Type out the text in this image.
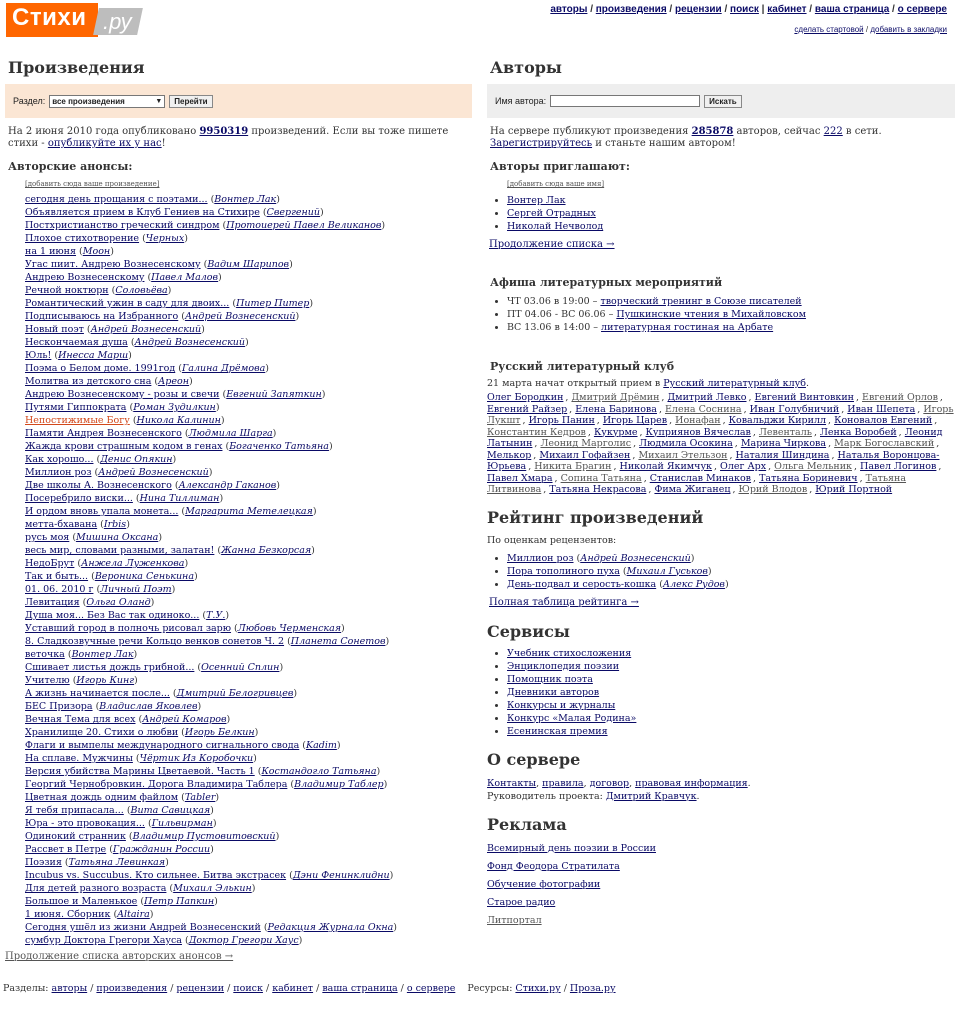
Стихи .ру	авторы / произведения / рецензии / поиск | кабинет / ваша страница / о сервере
сделать стартовой / добавить в закладки
Произведения
Раздел: все произведения	▼	Перейти

На 2 июня 2010 года опубликовано 9950319 произведений. Если вы тоже пишете стихи - опубликуйте их у нас!

Авторские анонсы:
[добавить сюда ваше произведение]
• сегодня день прощания с поэтами... (Вонтер Лак)
• Объявляется прием в Клуб Гениев на Стихире (Свергений)
• Постхристианство греческий синдром (Протоиерей Павел Великанов)
• Плохое стихотворение (Черных)
• на 1 июня (Моон)
• Угас пиит. Андрею Вознесенскому (Вадим Шарипов)
• Андрею Вознесенскому (Павел Малов)
• Речной ноктюрн (Соловьёва)
• Романтический ужин в саду для двоих... (Питер Питер)
• Подписываюсь на Избранного (Андрей Вознесенский)
• Новый поэт (Андрей Вознесенский)
• Нескончаемая душа (Андрей Вознесенский)
• Юль! (Инесса Марш)
• Поэма о Белом доме. 1991год (Галина Дрёмова)
• Молитва из детского сна (Ареон)
• Андрею Вознесенскому - розы и свечи (Евгений Запяткин)
• Путями Гиппократа (Роман Зудилкин)
• Непостижимые Богу (Никола Калинин)
• Памяти Андрея Вознесенского (Людмила Шарга)
• Жажда крови страшным кодом в генах (Богаченко Татьяна)
• Как хорошо... (Денис Опякин)
• Миллион роз (Андрей Вознесенский)
• Две школы А. Вознесенского (Александр Гаканов)
• Посеребрило виски... (Нина Тиллиман)
• И ордом вновь упала монета... (Маргарита Метелецкая)
• метта-бхавана (Irbis)
• русь моя (Мишина Оксана)
• весь мир, словами разными, залатан! (Жанна Безкорсая)
• НедоБрут (Анжела Луженкова)
• Так и быть... (Вероника Сенькина)
• 01. 06. 2010 г (Личный Поэт)
• Левитация (Ольга Оланд)
• Душа моя... Без Вас так одиноко... (Т.У.)
• Уставший город в полночь рисовал зарю (Любовь Черменская)
• 8. Сладкозвучные речи Кольцо венков сонетов Ч. 2 (Планета Сонетов)
• веточка (Вонтер Лак)
• Сшивает листья дождь грибной... (Осенний Сплин)
• Учителю (Игорь Кинг)
• А жизнь начинается после... (Дмитрий Белогривцев)
• БЕС Призора (Владислав Яковлев)
• Вечная Тема для всех (Андрей Комаров)
• Хранилище 20. Стихи о любви (Игорь Белкин)
• Флаги и вымпелы международного сигнального свода (Kadim)
• На сплаве. Мужчины (Чёртик Из Коробочки)
• Версия убийства Марины Цветаевой. Часть 1 (Костандогло Татьяна)
• Георгий Чернобровкин. Дорога Владимира Таблера (Владимир Таблер)
• Цветная дождь одним файлом (Tabler)
• Я тебя припасала... (Вита Савицкая)
• Юра - это провокация... (Гильвирман)
• Одинокий странник (Владимир Пустовитовский)
• Рассвет в Петре (Гражданин России)
• Поэзия (Татьяна Левинкая)
• Incubus vs. Succubus. Кто сильнее. Битва экстрасек (Дэни Фенинклидни)
• Для детей разного возраста (Михаил Элькин)
• Большое и Маленькое (Петр Папкин)
• 1 июня. Сборник (Altaira)
• Сегодня ушёл из жизни Андрей Вознесенский (Редакция Журнала Окна)
• сумбур Доктора Грегори Хауса (Доктор Грегори Хаус)
Продолжение списка авторских анонсов →
Авторы
Имя автора:	Искать

На сервере публикуют произведения 285878 авторов, сейчас 222 в сети. Зарегистрируйтесь и станьте нашим автором!

Авторы приглашают:
[добавить сюда ваше имя]
• Вонтер Лак
• Сергей Отрадных
• Николай Нечволод
Продолжение списка →
Афиша литературных мероприятий
• ЧТ 03.06 в 19:00 – творческий тренинг в Союзе писателей
• ПТ 04.06 - ВС 06.06 – Пушкинские чтения в Михайловском
• ВС 13.06 в 14:00 – литературная гостиная на Арбате
Русский литературный клуб
21 марта начат открытый прием в Русский литературный клуб.
Олег Бородкин , Дмитрий Дрёмин , Дмитрий Левко , Евгений Винтовкин , Евгений Орлов , Евгений Райзер , Елена Баринова , Елена Соснина , Иван Голубничий , Иван Шепета , Игорь Лукшт , Игорь Панин , Игорь Царев , Ионафан , Ковальджи Кирилл , Коновалов Евгений , Константин Кедров , Кукурме , Куприянов Вячеслав , Левенталь , Ленка Воробей , Леонид Латынин , Леонид Марголис , Людмила Осокина , Марина Чиркова , Марк Богославский , Мелькор , Михаил Гофайзен , Михаил Этельзон , Наталия Шиндина , Наталья Воронцова-Юрьева , Никита Брагин , Николай Якимчук , Олег Арх , Ольга Мельник , Павел Логинов , Павел Хмара , Сопина Татьяна , Станислав Минаков , Татьяна Бориневич , Татьяна Литвинова , Татьяна Некрасова , Фима Жиганец , Юрий Влодов , Юрий Портной
Рейтинг произведений
По оценкам рецензентов:
• Миллион роз (Андрей Вознесенский)
• Пора тополиного пуха (Михаил Гуськов)
• День-подвал и серость-кошка (Алекс Рудов)
Полная таблица рейтинга →
Сервисы
• Учебник стихосложения
• Энциклопедия поэзии
• Помощник поэта
• Дневники авторов
• Конкурсы и журналы
• Конкурс «Малая Родина»
• Есенинская премия
О сервере
Контакты, правила, договор, правовая информация.
Руководитель проекта: Дмитрий Кравчук.
Реклама
Всемирный день поэзии в России
Фонд Феодора Стратилата
Обучение фотографии
Старое радио
Литпортал
Разделы: авторы / произведения / рецензии / поиск / кабинет / ваша страница / о сервере Ресурсы: Стихи.ру / Проза.ру
